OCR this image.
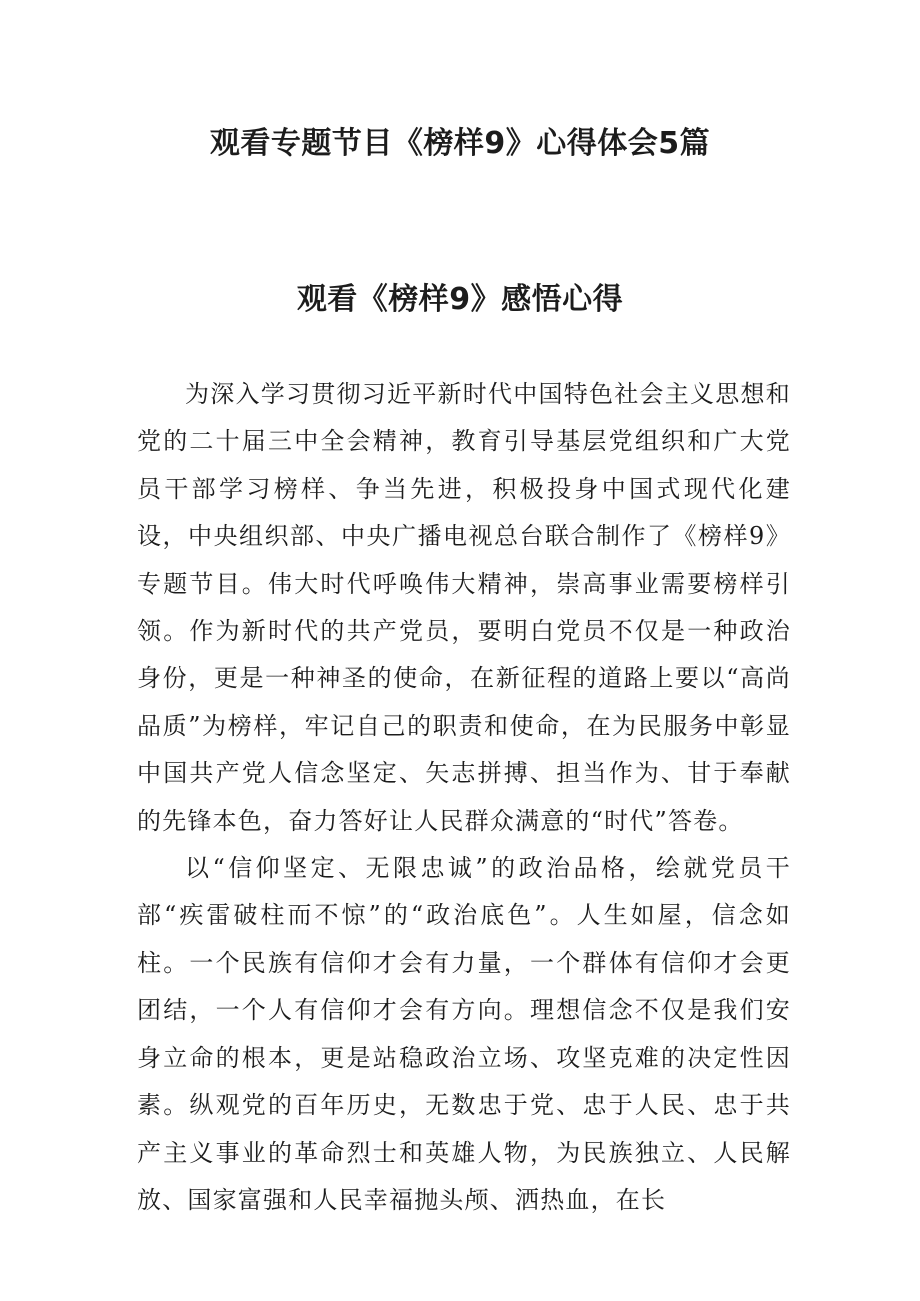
观看专题节目《榜样9》心得体会5篇
观看《榜样9》感悟心得

为深入学习贯彻习近平新时代中国特色社会主义思想和党的二十届三中全会精神，教育引导基层党组织和广大党员干部学习榜样、争当先进，积极投身中国式现代化建设，中央组织部、中央广播电视总台联合制作了《榜样9》专题节目。伟大时代呼唤伟大精神，崇高事业需要榜样引领。作为新时代的共产党员，要明白党员不仅是一种政治身份，更是一种神圣的使命，在新征程的道路上要以“高尚品质”为榜样，牢记自己的职责和使命，在为民服务中彰显中国共产党人信念坚定、矢志拼搏、担当作为、甘于奉献的先锋本色，奋力答好让人民群众满意的“时代”答卷。

以“信仰坚定、无限忠诚”的政治品格，绘就党员干部“疾雷破柱而不惊”的“政治底色”。人生如屋，信念如柱。一个民族有信仰才会有力量，一个群体有信仰才会更团结，一个人有信仰才会有方向。理想信念不仅是我们安身立命的根本，更是站稳政治立场、攻坚克难的决定性因素。纵观党的百年历史，无数忠于党、忠于人民、忠于共产主义事业的革命烈士和英雄人物，为民族独立、人民解放、国家富强和人民幸福抛头颅、洒热血，在长
